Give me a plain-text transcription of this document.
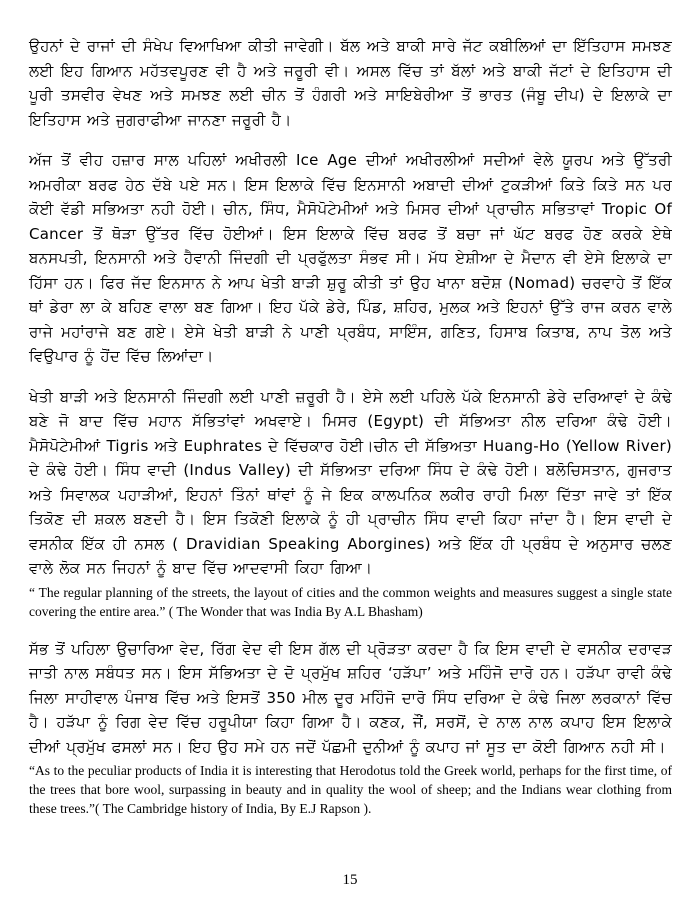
ਉਹਨਾਂ ਦੇ ਰਾਜਾਂ ਦੀ ਸੰਖੇਪ ਵਿਆਖਿਆ ਕੀਤੀ ਜਾਵੇਗੀ। ਬੱਲ ਅਤੇ ਬਾਕੀ ਸਾਰੇ ਜੱਟ ਕਬੀਲਿਆਂ ਦਾ ਇੱਤਿਹਾਸ ਸਮਝਣ ਲਈ ਇਹ ਗਿਆਨ ਮਹੱਤਵਪੂਰਣ ਵੀ ਹੈ ਅਤੇ ਜਰੂਰੀ ਵੀ। ਅਸਲ ਵਿੱਚ ਤਾਂ ਬੱਲਾਂ ਅਤੇ ਬਾਕੀ ਜੱਟਾਂ ਦੇ ਇਤਿਹਾਸ ਦੀ ਪੂਰੀ ਤਸਵੀਰ ਵੇਖਣ ਅਤੇ ਸਮਝਣ ਲਈ ਚੀਨ ਤੋਂ ਹੰਗਰੀ ਅਤੇ ਸਾਇਬੇਰੀਆ ਤੋਂ ਭਾਰਤ (ਜੰਬੂ ਦੀਪ) ਦੇ ਇਲਾਕੇ ਦਾ ਇਤਿਹਾਸ ਅਤੇ ਜੁਗਰਾਫੀਆ ਜਾਨਣਾ ਜਰੂਰੀ ਹੈ।

ਅੱਜ ਤੋਂ ਵੀਹ ਹਜ਼ਾਰ ਸਾਲ ਪਹਿਲਾਂ ਅਖੀਰਲੀ Ice Age ਦੀਆਂ ਅਖੀਰਲੀਆਂ ਸਦੀਆਂ ਵੇਲੇ ਯੂਰਪ ਅਤੇ ਉੱਤਰੀ ਅਮਰੀਕਾ ਬਰਫ ਹੇਠ ਦੱਬੇ ਪਏ ਸਨ। ਇਸ ਇਲਾਕੇ ਵਿੱਚ ਇਨਸਾਨੀ ਅਬਾਦੀ ਦੀਆਂ ਟੁਕੜੀਆਂ ਕਿਤੇ ਕਿਤੇ ਸਨ ਪਰ ਕੋਈ ਵੱਡੀ ਸਭਿਅਤਾ ਨਹੀ ਹੋਈ। ਚੀਨ, ਸਿੰਧ, ਮੈਸੋਪੋਟੇਮੀਆਂ ਅਤੇ ਮਿਸਰ ਦੀਆਂ ਪ੍ਰਾਚੀਨ ਸਭਿਤਾਵਾਂ Tropic Of Cancer ਤੋਂ ਥੋੜਾ ਉੱਤਰ ਵਿੱਚ ਹੋਈਆਂ। ਇਸ ਇਲਾਕੇ ਵਿੱਚ ਬਰਫ ਤੋਂ ਬਚਾ ਜਾਂ ਘੱਟ ਬਰਫ ਹੋਣ ਕਰਕੇ ਏਥੇ ਬਨਸਪਤੀ, ਇਨਸਾਨੀ ਅਤੇ ਹੈਵਾਨੀ ਜਿੰਦਗੀ ਦੀ ਪ੍ਰਫੁੱਲਤਾ ਸੰਭਵ ਸੀ। ਮੱਧ ਏਸ਼ੀਆ ਦੇ ਮੈਦਾਨ ਵੀ ਏਸੇ ਇਲਾਕੇ ਦਾ ਹਿੱਸਾ ਹਨ। ਫਿਰ ਜੱਦ ਇਨਸਾਨ ਨੇ ਆਪ ਖੇਤੀ ਬਾੜੀ ਸ਼ੁਰੂ ਕੀਤੀ ਤਾਂ ਉਹ ਖਾਨਾ ਬਦੋਸ਼ (Nomad) ਚਰਵਾਹੇ ਤੋਂ ਇੱਕ ਥਾਂ ਡੇਰਾ ਲਾ ਕੇ ਬਹਿਣ ਵਾਲਾ ਬਣ ਗਿਆ। ਇਹ ਪੱਕੇ ਡੇਰੇ, ਪਿੰਡ, ਸ਼ਹਿਰ, ਮੁਲਕ ਅਤੇ ਇਹਨਾਂ ਉੱਤੇ ਰਾਜ ਕਰਨ ਵਾਲੇ ਰਾਜੇ ਮਹਾਂਰਾਜੇ ਬਣ ਗਏ। ਏਸੇ ਖੇਤੀ ਬਾੜੀ ਨੇ ਪਾਣੀ ਪ੍ਰਬੰਧ, ਸਾਇੰਸ, ਗਣਿਤ, ਹਿਸਾਬ ਕਿਤਾਬ, ਨਾਪ ਤੋਲ ਅਤੇ ਵਿਉਪਾਰ ਨੂੰ ਹੋਂਦ ਵਿੱਚ ਲਿਆਂਦਾ।

ਖੇਤੀ ਬਾੜੀ ਅਤੇ ਇਨਸਾਨੀ ਜਿੰਦਗੀ ਲਈ ਪਾਣੀ ਜ਼ਰੂਰੀ ਹੈ। ਏਸੇ ਲਈ ਪਹਿਲੇ ਪੱਕੇ ਇਨਸਾਨੀ ਡੇਰੇ ਦਰਿਆਵਾਂ ਦੇ ਕੰਢੇ ਬਣੇ ਜੋ ਬਾਦ ਵਿੱਚ ਮਹਾਨ ਸੱਭਿਤਾਂਵਾਂ ਅਖਵਾਏ। ਮਿਸਰ (Egypt) ਦੀ ਸੱਭਿਅਤਾ ਨੀਲ ਦਰਿਆ ਕੰਢੇ ਹੋਈ। ਮੈਸੋਪੋਟੇਮੀਆਂ Tigris ਅਤੇ Euphrates ਦੇ ਵਿੱਚਕਾਰ ਹੋਈ।ਚੀਨ ਦੀ ਸੱਭਿਅਤਾ Huang-Ho (Yellow River) ਦੇ ਕੰਢੇ ਹੋਈ। ਸਿੰਧ ਵਾਦੀ (Indus Valley) ਦੀ ਸੱਭਿਅਤਾ ਦਰਿਆ ਸਿੰਧ ਦੇ ਕੰਢੇ ਹੋਈ। ਬਲੋਚਿਸਤਾਨ, ਗੁਜਰਾਤ ਅਤੇ ਸਿਵਾਲਕ ਪਹਾੜੀਆਂ, ਇਹਨਾਂ ਤਿੰਨਾਂ ਥਾਂਵਾਂ ਨੂੰ ਜੇ ਇਕ ਕਾਲਪਨਿਕ ਲਕੀਰ ਰਾਹੀ ਮਿਲਾ ਦਿੱਤਾ ਜਾਵੇ ਤਾਂ ਇੱਕ ਤਿਕੋਣ ਦੀ ਸ਼ਕਲ ਬਣਦੀ ਹੈ। ਇਸ ਤਿਕੋਣੀ ਇਲਾਕੇ ਨੂੰ ਹੀ ਪ੍ਰਾਚੀਨ ਸਿੰਧ ਵਾਦੀ ਕਿਹਾ ਜਾਂਦਾ ਹੈ। ਇਸ ਵਾਦੀ ਦੇ ਵਸਨੀਕ ਇੱਕ ਹੀ ਨਸਲ ( Dravidian Speaking Aborgines) ਅਤੇ ਇੱਕ ਹੀ ਪ੍ਰਬੰਧ ਦੇ ਅਨੁਸਾਰ ਚਲਣ ਵਾਲੇ ਲੋਕ ਸਨ ਜਿਹਨਾਂ ਨੂੰ ਬਾਦ ਵਿੱਚ ਆਦਵਾਸੀ ਕਿਹਾ ਗਿਆ।

“ The regular planning of the streets, the layout of cities and the common weights and measures suggest a single state covering the entire area.” ( The Wonder that was India By A.L Bhasham)

ਸੱਭ ਤੋਂ ਪਹਿਲਾ ਉਚਾਰਿਆ ਵੇਦ, ਰਿੱਗ ਵੇਦ ਵੀ ਇਸ ਗੱਲ ਦੀ ਪ੍ਰੋੜਤਾ ਕਰਦਾ ਹੈ ਕਿ ਇਸ ਵਾਦੀ ਦੇ ਵਸਨੀਕ ਦਰਾਵੜ ਜਾਤੀ ਨਾਲ ਸਬੰਧਤ ਸਨ। ਇਸ ਸੱਭਿਅਤਾ ਦੇ ਦੋ ਪ੍ਰਮੁੱਖ ਸ਼ਹਿਰ ‘ਹੜੱਪਾ’ ਅਤੇ ਮਹਿੰਜੋ ਦਾਰੋ ਹਨ। ਹੜੱਪਾ ਰਾਵੀ ਕੰਢੇ ਜਿਲਾ ਸਾਹੀਵਾਲ ਪੰਜਾਬ ਵਿੱਚ ਅਤੇ ਇਸਤੋਂ 350 ਮੀਲ ਦੂਰ ਮਹਿੰਜੋ ਦਾਰੋ ਸਿੰਧ ਦਰਿਆ ਦੇ ਕੰਢੇ ਜਿਲਾ ਲਰਕਾਨਾਂ ਵਿੱਚ ਹੈ। ਹੜੱਪਾ ਨੂੰ ਰਿਗ ਵੇਦ ਵਿੱਚ ਹਰੂਪੀਯਾ ਕਿਹਾ ਗਿਆ ਹੈ। ਕਣਕ, ਜੌਂ, ਸਰਸੋਂ, ਦੇ ਨਾਲ ਨਾਲ ਕਪਾਹ ਇਸ ਇਲਾਕੇ ਦੀਆਂ ਪ੍ਰਮੁੱਖ ਫਸਲਾਂ ਸਨ। ਇਹ ਉਹ ਸਮੇ ਹਨ ਜਦੋਂ ਪੱਛਮੀ ਦੁਨੀਆਂ ਨੂੰ ਕਪਾਹ ਜਾਂ ਸੂਤ ਦਾ ਕੋਈ ਗਿਆਨ ਨਹੀ ਸੀ।

“As to the peculiar products of India it is interesting that Herodotus told the Greek world, perhaps for the first time, of the trees that bore wool, surpassing in beauty and in quality the wool of sheep; and the Indians wear clothing from these trees.”( The Cambridge history of India, By E.J Rapson ).

15
